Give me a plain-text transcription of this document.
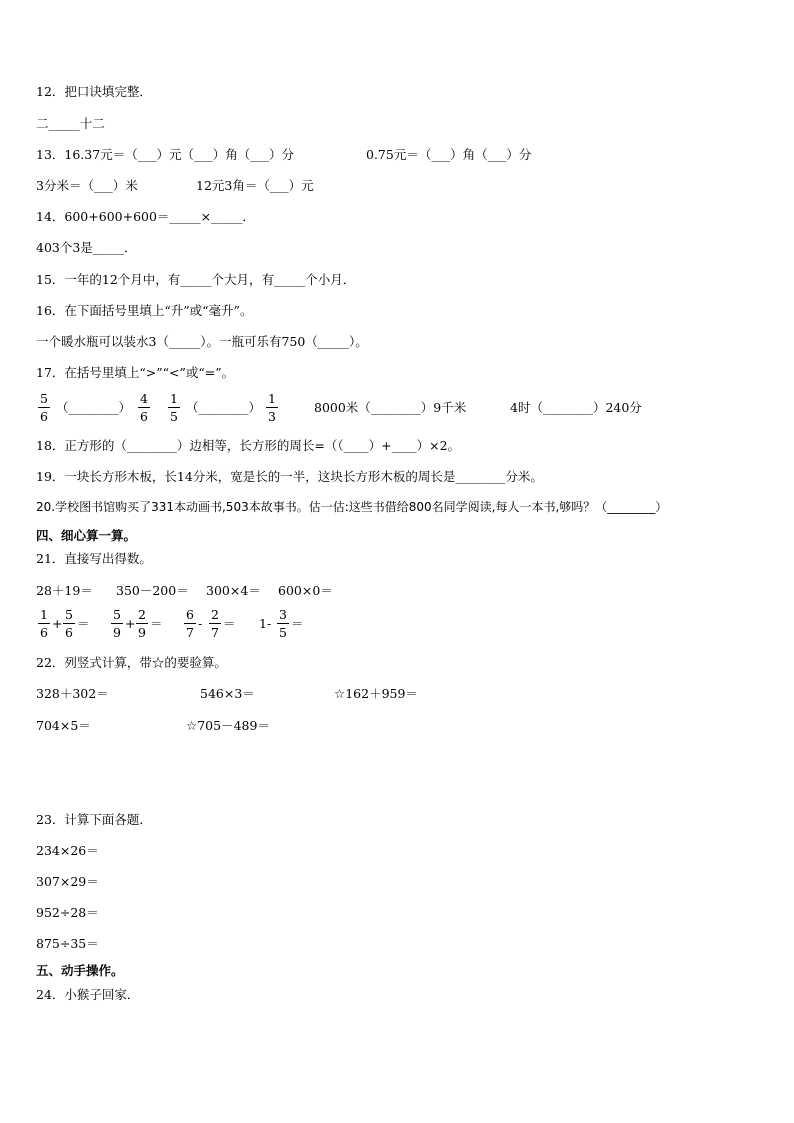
12．把口诀填完整．
二_____十二
13．16.37元＝（___）元（___）角（___）分	0.75元＝（___）角（___）分
3分米＝（___）米	12元3角＝（___）元
14．600+600+600＝_____×_____．
403个3是_____．
15．一年的12个月中，有_____个大月，有_____个小月．
16．在下面括号里填上“升”或“毫升”。
一个暖水瓶可以装水3（_____）。一瓶可乐有750（_____）。
17．在括号里填上“>”“<”或“=”。
5
6
（________）
4
6
1
5
（________）
1
3
8000米（________）9千米	4时（________）240分
18．正方形的（________）边相等，长方形的周长=（（____）+____）×2。
19．一块长方形木板，长14分米，宽是长的一半，这块长方形木板的周长是________分米。
20.学校图书馆购买了331本动画书,503本故事书。估一估:这些书借给800名同学阅读,每人一本书,够吗？（________）
四、细心算一算。
21．直接写出得数。
28＋19＝ 350－200＝ 300×4＝ 600×0＝
1
6
+
5
6
＝
5
9
+
2
9
＝
6
7
-
2
7
＝ 1-
3
5
＝
22．列竖式计算，带☆的要验算。
328＋302＝	546×3＝	☆162＋959＝
704×5＝	☆705－489＝
23．计算下面各题．
234×26＝
307×29＝
952÷28＝
875÷35＝
五、动手操作。
24．小猴子回家．
